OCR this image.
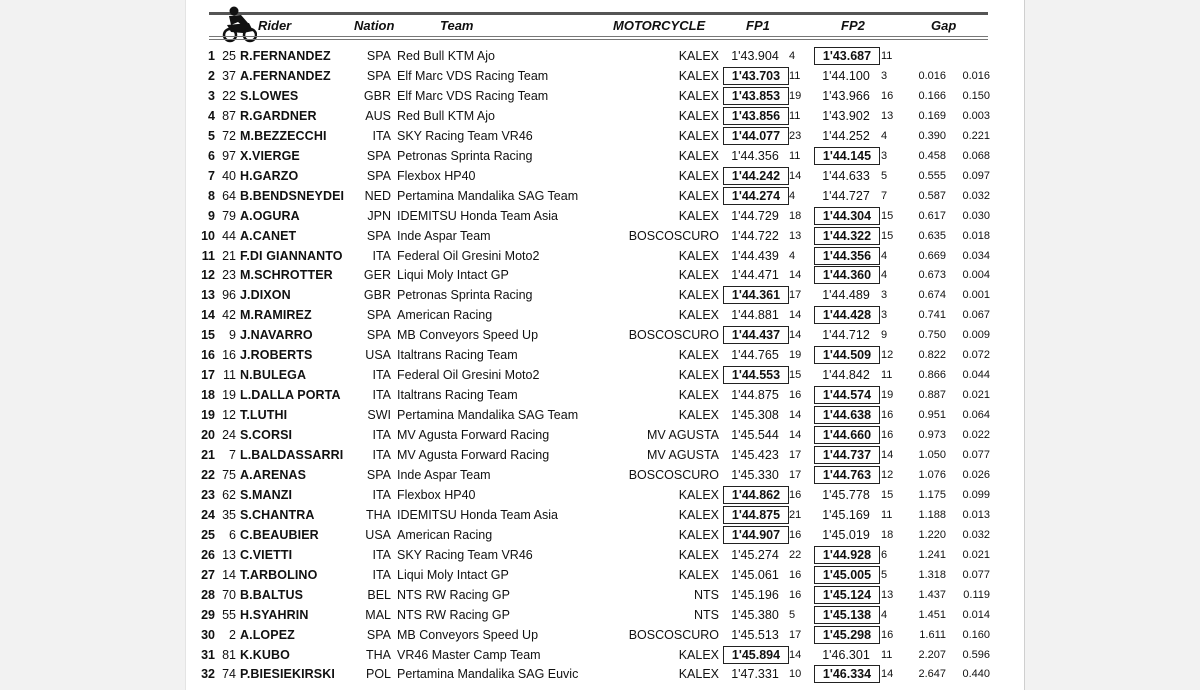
Rider	Nation	Team	MOTORCYCLE	FP1	FP2	Gap
1 25 R.FERNANDEZ	SPA Red Bull KTM Ajo	KALEX 1'43.904 4	1'43.687 11
2 37 A.FERNANDEZ	SPA Elf Marc VDS Racing Team	KALEX	1'43.703 11	1'44.100	3	0.016	0.016
3 22 S.LOWES	GBR Elf Marc VDS Racing Team	KALEX	1'43.853 19	1'43.966	16	0.166	0.150
4 87 R.GARDNER	AUS Red Bull KTM Ajo	KALEX	1'43.856 11	1'43.902	13	0.169	0.003
5 72 M.BEZZECCHI	ITA SKY Racing Team VR46	KALEX	1'44.077 23	1'44.252	4	0.390	0.221
6 97 X.VIERGE	SPA Petronas Sprinta Racing	KALEX 1'44.356 11	1'44.145 3	0.458	0.068
7 40 H.GARZO	SPA Flexbox HP40	KALEX	1'44.242 14	1'44.633	5	0.555	0.097
8 64 B.BENDSNEYDEI	NED Pertamina Mandalika SAG Team	KALEX	1'44.274 4	1'44.727	7	0.587	0.032
9 79 A.OGURA	JPN IDEMITSU Honda Team Asia	KALEX 1'44.729 18	1'44.304 15	0.617	0.030
10 44 A.CANET	SPA Inde Aspar Team	BOSCOSCURO 1'44.722 13	1'44.322 15	0.635	0.018
11 21 F.DI GIANNANTO	ITA Federal Oil Gresini Moto2	KALEX 1'44.439 4	1'44.356 4	0.669	0.034
12 23 M.SCHROTTER	GER Liqui Moly Intact GP	KALEX 1'44.471 14	1'44.360 4	0.673	0.004
13 96 J.DIXON	GBR Petronas Sprinta Racing	KALEX	1'44.361 17	1'44.489	3	0.674	0.001
14 42 M.RAMIREZ	SPA American Racing	KALEX 1'44.881 14	1'44.428 3	0.741	0.067
15	9 J.NAVARRO	SPA MB Conveyors Speed Up	BOSCOSCURO	1'44.437 14	1'44.712	9	0.750	0.009
16 16 J.ROBERTS	USA Italtrans Racing Team	KALEX 1'44.765 19	1'44.509 12	0.822	0.072
17 11 N.BULEGA	ITA Federal Oil Gresini Moto2	KALEX	1'44.553 15	1'44.842	11	0.866	0.044
18 19 L.DALLA PORTA	ITA Italtrans Racing Team	KALEX 1'44.875 16	1'44.574 19	0.887	0.021
19 12 T.LUTHI	SWI Pertamina Mandalika SAG Team	KALEX 1'45.308 14	1'44.638 16	0.951	0.064
20 24 S.CORSI	ITA MV Agusta Forward Racing	MV AGUSTA 1'45.544 14	1'44.660 16	0.973	0.022
21	7 L.BALDASSARRI	ITA MV Agusta Forward Racing	MV AGUSTA 1'45.423 17	1'44.737 14	1.050	0.077
22 75 A.ARENAS	SPA Inde Aspar Team	BOSCOSCURO 1'45.330 17	1'44.763 12	1.076	0.026
23 62 S.MANZI	ITA Flexbox HP40	KALEX	1'44.862 16	1'45.778	15	1.175	0.099
24 35 S.CHANTRA	THA IDEMITSU Honda Team Asia	KALEX	1'44.875 21	1'45.169	11	1.188	0.013
25	6 C.BEAUBIER	USA American Racing	KALEX	1'44.907 16	1'45.019	18	1.220	0.032
26 13 C.VIETTI	ITA SKY Racing Team VR46	KALEX 1'45.274 22	1'44.928 6	1.241	0.021
27 14 T.ARBOLINO	ITA Liqui Moly Intact GP	KALEX 1'45.061 16	1'45.005 5	1.318	0.077
28 70 B.BALTUS	BEL NTS RW Racing GP	NTS 1'45.196 16	1'45.124 13	1.437	0.119
29 55 H.SYAHRIN	MAL NTS RW Racing GP	NTS 1'45.380 5	1'45.138 4	1.451	0.014
30	2 A.LOPEZ	SPA MB Conveyors Speed Up	BOSCOSCURO 1'45.513 17	1'45.298 16	1.611	0.160
31 81 K.KUBO	THA VR46 Master Camp Team	KALEX	1'45.894 14	1'46.301	11	2.207	0.596
32 74 P.BIESIEKIRSKI	POL Pertamina Mandalika SAG Euvic	KALEX 1'47.331 10	1'46.334 14	2.647	0.440
